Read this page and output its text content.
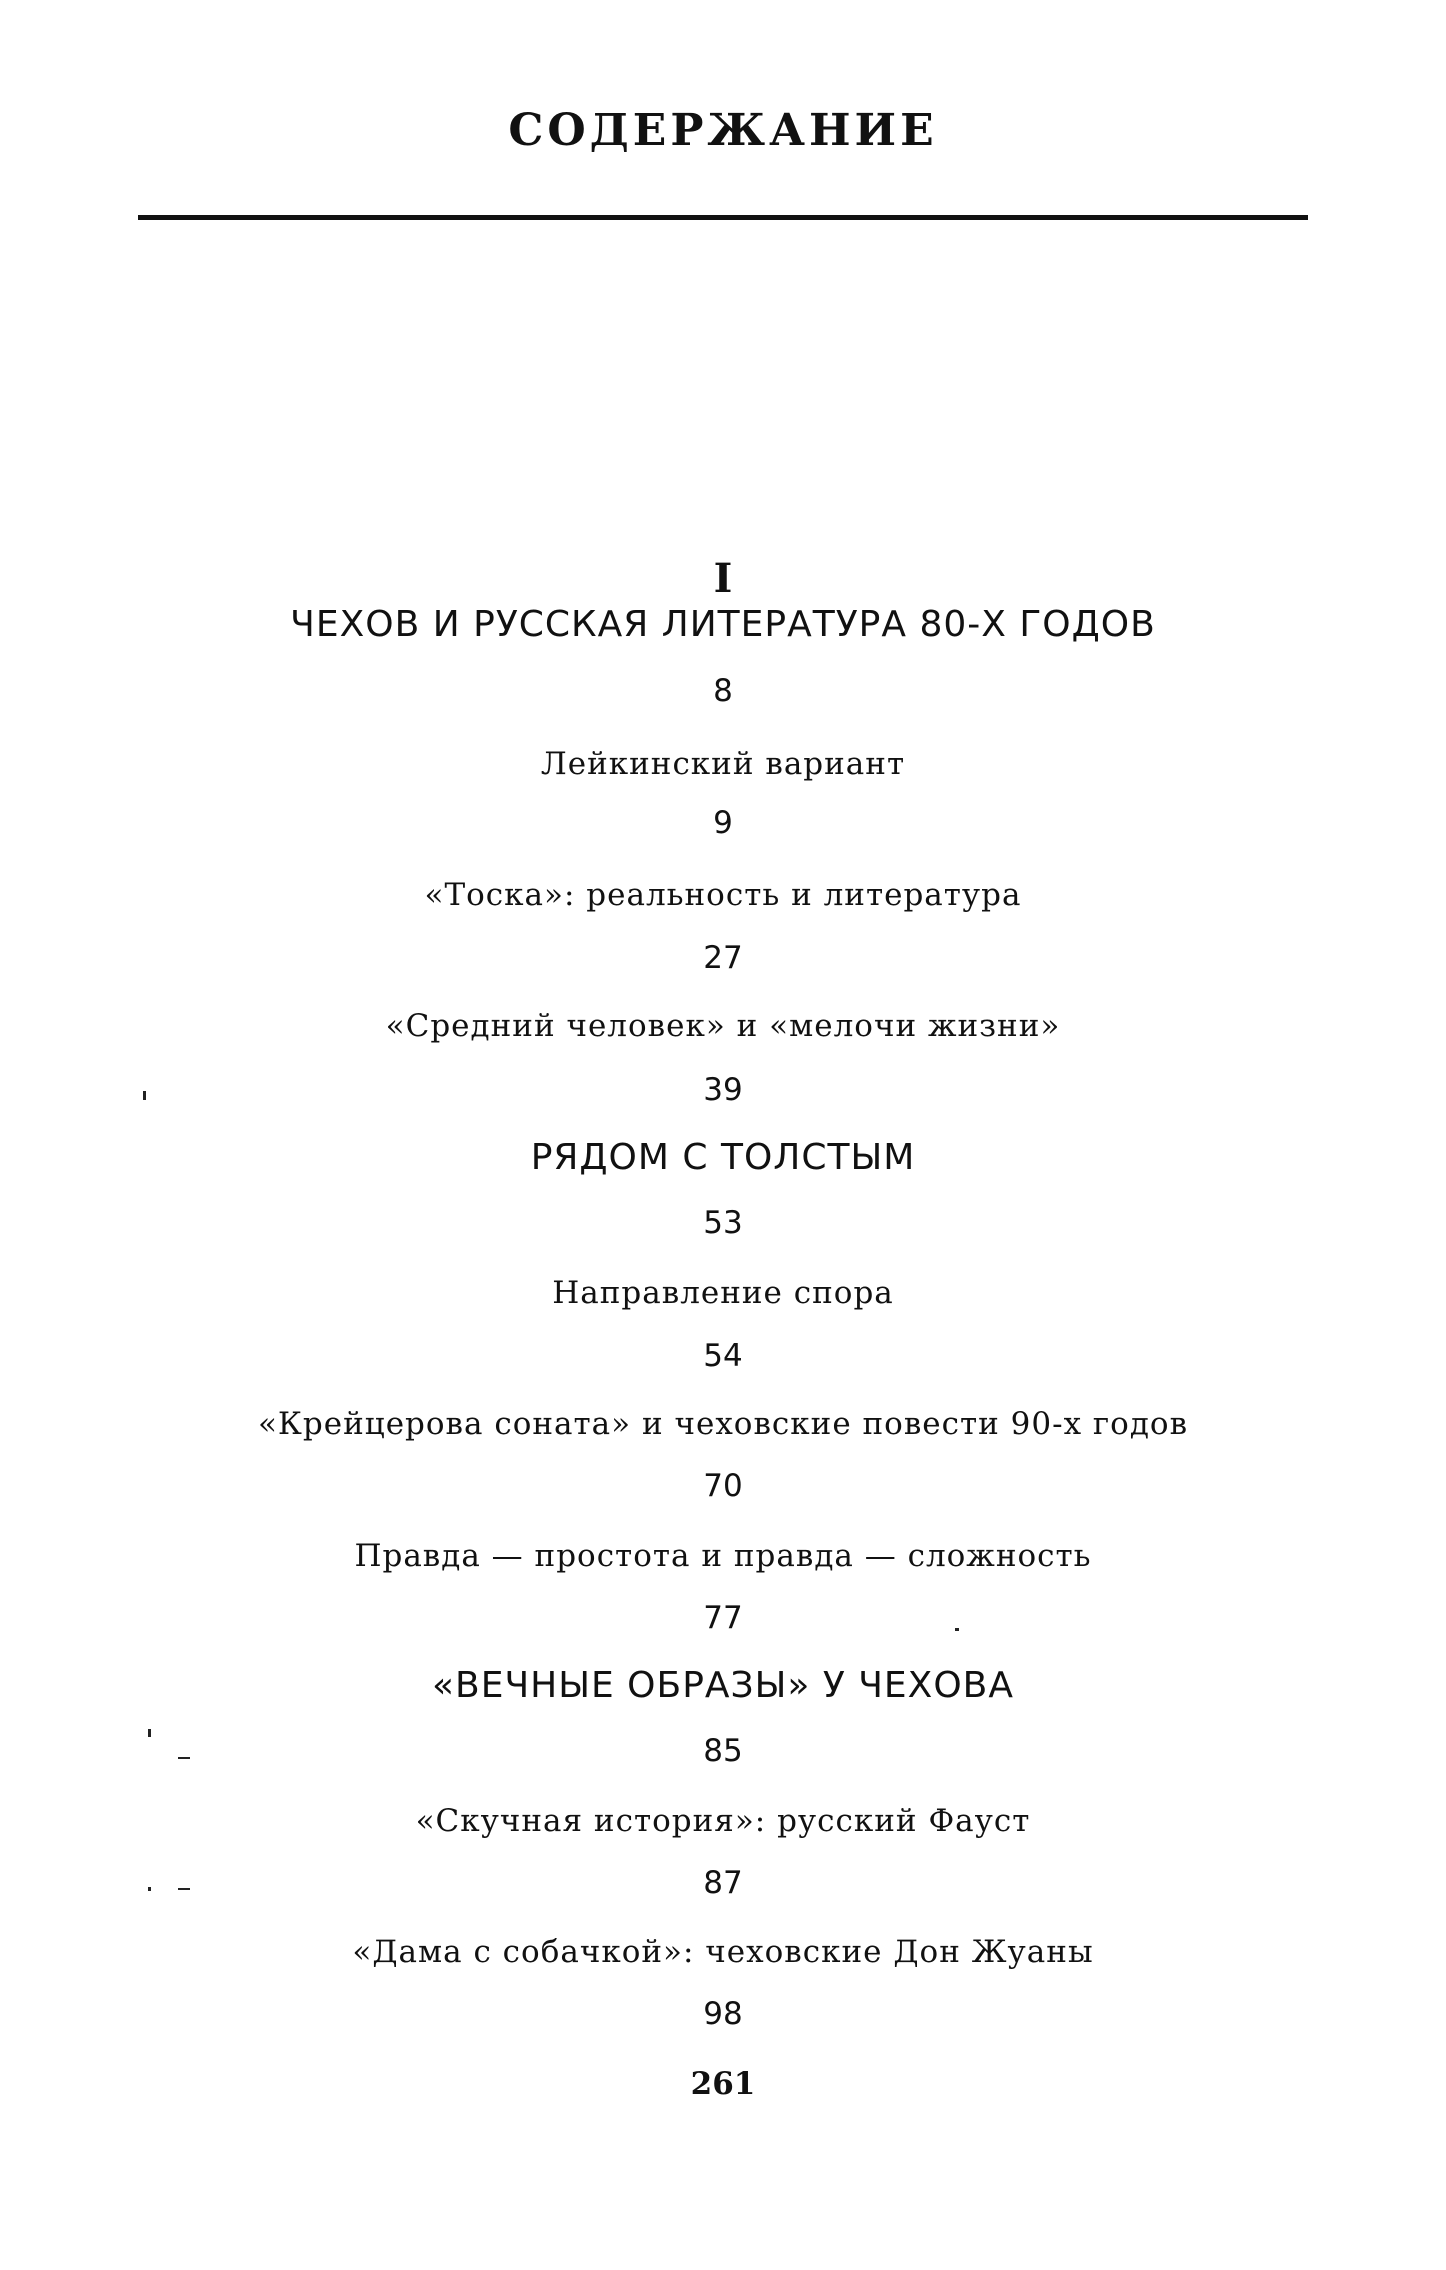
СОДЕРЖАНИЕ
I
ЧЕХОВ И РУССКАЯ ЛИТЕРАТУРА 80-Х ГОДОВ
8
Лейкинский вариант
9
«Тоска»: реальность и литература
27
«Средний человек» и «мелочи жизни»
39
РЯДОМ С ТОЛСТЫМ
53
Направление спора
54
«Крейцерова соната» и чеховские повести 90-х годов
70
Правда — простота и правда — сложность
77
«ВЕЧНЫЕ ОБРАЗЫ» У ЧЕХОВА
85
«Скучная история»: русский Фауст
87
«Дама с собачкой»: чеховские Дон Жуаны
98
261
